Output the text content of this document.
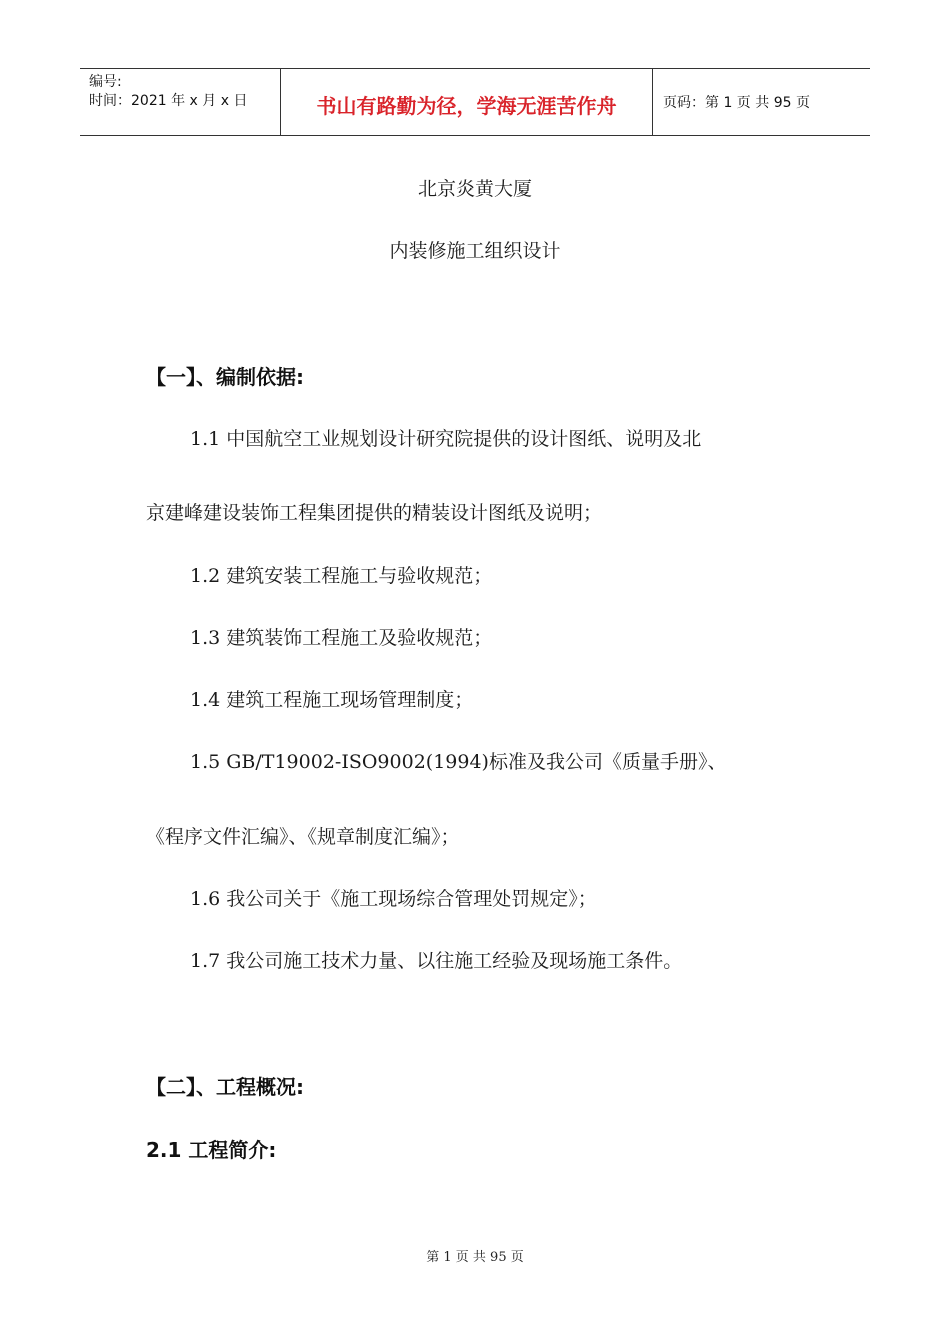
编号:
时间：2021 年 x 月 x 日	书山有路勤为径，学海无涯苦作舟	页码：第 1 页 共 95 页
北京炎黄大厦
内装修施工组织设计
【一】、编制依据:
1.1 中国航空工业规划设计研究院提供的设计图纸、说明及北
京建峰建设装饰工程集团提供的精装设计图纸及说明；
1.2 建筑安装工程施工与验收规范；
1.3 建筑装饰工程施工及验收规范；
1.4 建筑工程施工现场管理制度；
1.5 GB/T19002-ISO9002(1994)标准及我公司《质量手册》、
《程序文件汇编》、《规章制度汇编》；
1.6 我公司关于《施工现场综合管理处罚规定》；
1.7 我公司施工技术力量、以往施工经验及现场施工条件。
【二】、工程概况:
2.1 工程简介:
第 1 页 共 95 页
